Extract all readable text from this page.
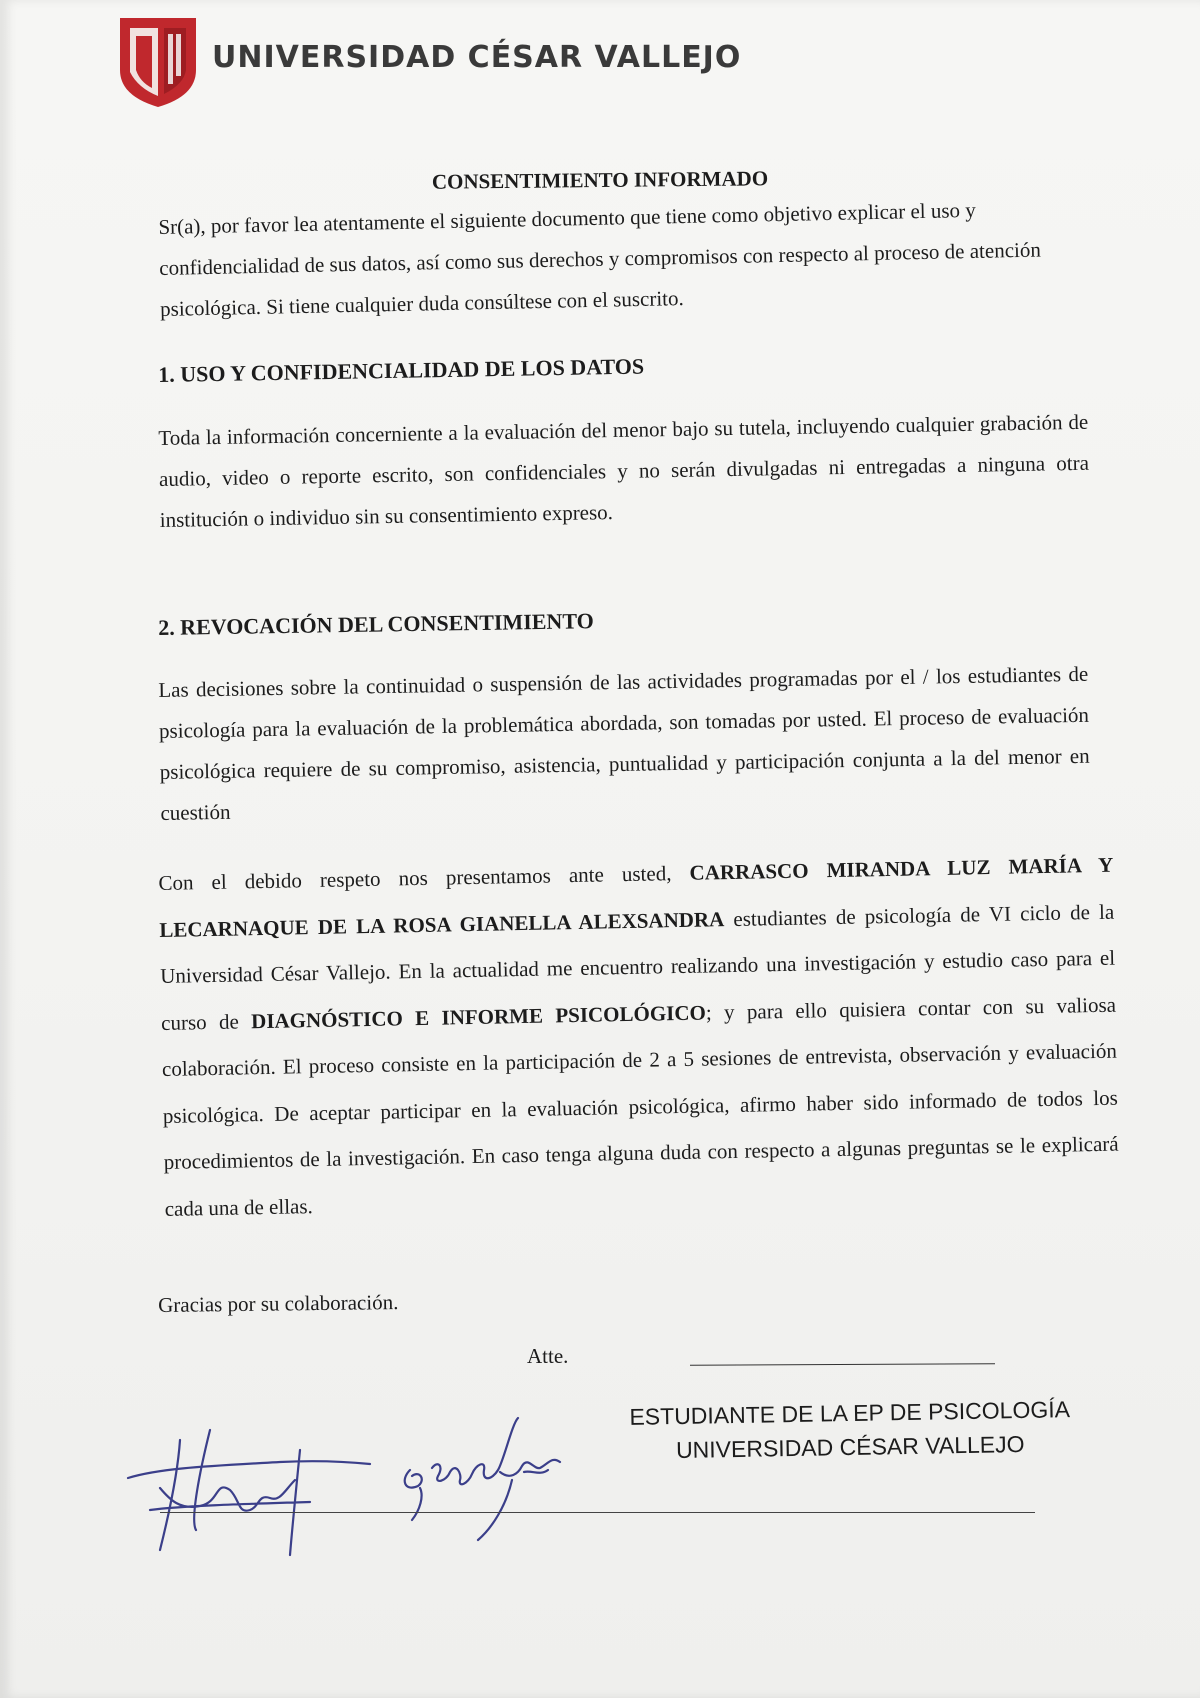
UNIVERSIDAD CÉSAR VALLEJO
CONSENTIMIENTO INFORMADO
Sr(a), por favor lea atentamente el siguiente documento que tiene como objetivo explicar el uso y confidencialidad de sus datos, así como sus derechos y compromisos con respecto al proceso de atención psicológica. Si tiene cualquier duda consúltese con el suscrito.
1. USO Y CONFIDENCIALIDAD DE LOS DATOS
Toda la información concerniente a la evaluación del menor bajo su tutela, incluyendo cualquier grabación de audio, video o reporte escrito, son confidenciales y no serán divulgadas ni entregadas a ninguna otra institución o individuo sin su consentimiento expreso.
2. REVOCACIÓN DEL CONSENTIMIENTO
Las decisiones sobre la continuidad o suspensión de las actividades programadas por el / los estudiantes de psicología para la evaluación de la problemática abordada, son tomadas por usted. El proceso de evaluación psicológica requiere de su compromiso, asistencia, puntualidad y participación conjunta a la del menor en cuestión
Con el debido respeto nos presentamos ante usted, CARRASCO MIRANDA LUZ MARÍA Y LECARNAQUE DE LA ROSA GIANELLA ALEXSANDRA estudiantes de psicología de VI ciclo de la Universidad César Vallejo. En la actualidad me encuentro realizando una investigación y estudio caso para el curso de DIAGNÓSTICO E INFORME PSICOLÓGICO; y para ello quisiera contar con su valiosa colaboración. El proceso consiste en la participación de 2 a 5 sesiones de entrevista, observación y evaluación psicológica. De aceptar participar en la evaluación psicológica, afirmo haber sido informado de todos los procedimientos de la investigación. En caso tenga alguna duda con respecto a algunas preguntas se le explicará cada una de ellas.
Gracias por su colaboración.
Atte.
ESTUDIANTE DE LA EP DE PSICOLOGÍA
UNIVERSIDAD CÉSAR VALLEJO
